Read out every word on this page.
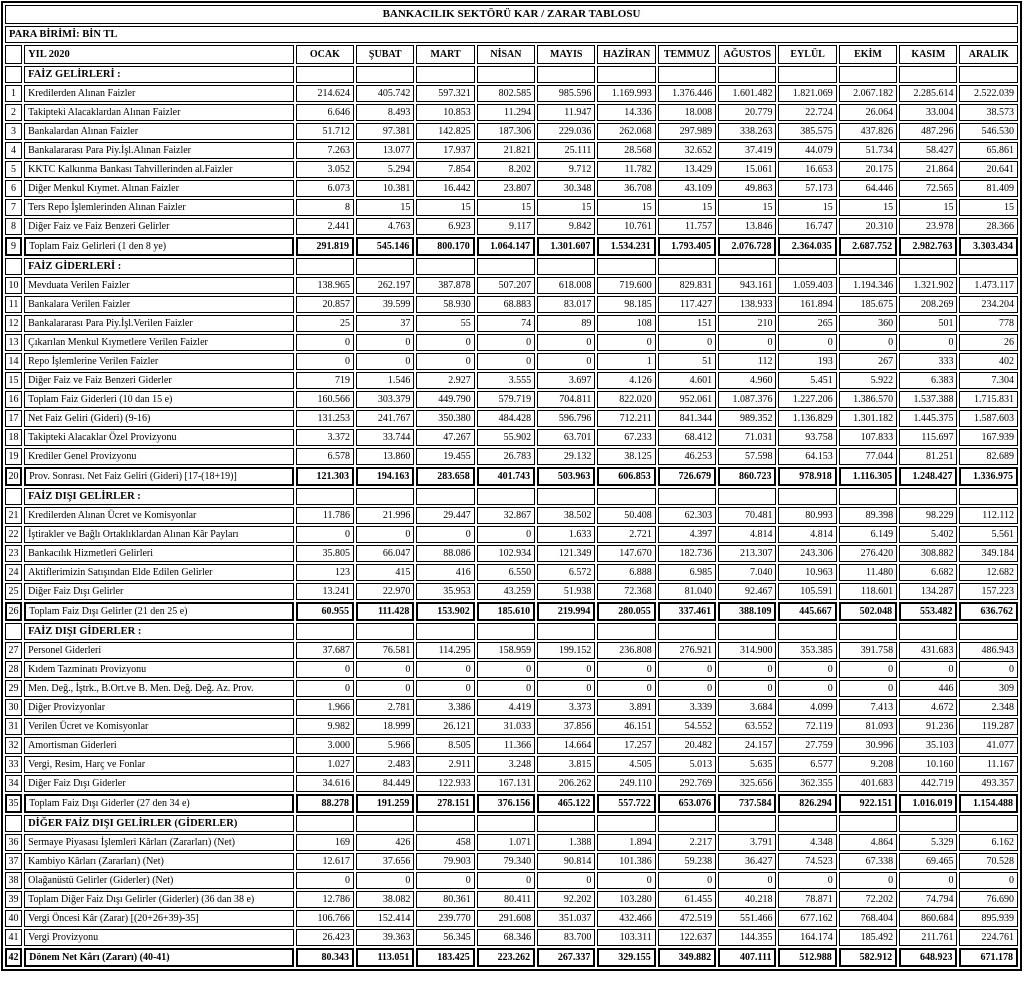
BANKACILIK SEKTÖRÜ KAR / ZARAR TABLOSU													
PARA BİRİMİ: BİN TL													
	YIL 2020	OCAK	ŞUBAT	MART	NİSAN	MAYIS	HAZİRAN	TEMMUZ	AĞUSTOS	EYLÜL	EKİM	KASIM	ARALIK
	FAİZ GELİRLERİ :												
1	Kredilerden Alınan Faizler	214.624	405.742	597.321	802.585	985.596	1.169.993	1.376.446	1.601.482	1.821.069	2.067.182	2.285.614	2.522.039
2	Takipteki Alacaklardan Alınan Faizler	6.646	8.493	10.853	11.294	11.947	14.336	18.008	20.779	22.724	26.064	33.004	38.573
3	Bankalardan Alınan Faizler	51.712	97.381	142.825	187.306	229.036	262.068	297.989	338.263	385.575	437.826	487.296	546.530
4	Bankalararası Para Piy.İşl.Alınan Faizler	7.263	13.077	17.937	21.821	25.111	28.568	32.652	37.419	44.079	51.734	58.427	65.861
5	KKTC Kalkınma Bankası Tahvillerinden al.Faizler	3.052	5.294	7.854	8.202	9.712	11.782	13.429	15.061	16.653	20.175	21.864	20.641
6	Diğer Menkul Kıymet. Alınan Faizler	6.073	10.381	16.442	23.807	30.348	36.708	43.109	49.863	57.173	64.446	72.565	81.409
7	Ters Repo İşlemlerinden Alınan Faizler	8	15	15	15	15	15	15	15	15	15	15	15
8	Diğer Faiz ve Faiz Benzeri Gelirler	2.441	4.763	6.923	9.117	9.842	10.761	11.757	13.846	16.747	20.310	23.978	28.366
9	Toplam Faiz Gelirleri (1 den 8 ye)	291.819	545.146	800.170	1.064.147	1.301.607	1.534.231	1.793.405	2.076.728	2.364.035	2.687.752	2.982.763	3.303.434
	FAİZ GİDERLERİ :												
10	Mevduata Verilen Faizler	138.965	262.197	387.878	507.207	618.008	719.600	829.831	943.161	1.059.403	1.194.346	1.321.902	1.473.117
11	Bankalara Verilen Faizler	20.857	39.599	58.930	68.883	83.017	98.185	117.427	138.933	161.894	185.675	208.269	234.204
12	Bankalararası Para Piy.İşl.Verilen Faizler	25	37	55	74	89	108	151	210	265	360	501	778
13	Çıkarılan Menkul Kıymetlere Verilen Faizler	0	0	0	0	0	0	0	0	0	0	0	26
14	Repo İşlemlerine Verilen Faizler	0	0	0	0	0	1	51	112	193	267	333	402
15	Diğer Faiz ve Faiz Benzeri Giderler	719	1.546	2.927	3.555	3.697	4.126	4.601	4.960	5.451	5.922	6.383	7.304
16	Toplam Faiz Giderleri (10 dan 15 e)	160.566	303.379	449.790	579.719	704.811	822.020	952.061	1.087.376	1.227.206	1.386.570	1.537.388	1.715.831
17	Net Faiz Geliri (Gideri) (9-16)	131.253	241.767	350.380	484.428	596.796	712.211	841.344	989.352	1.136.829	1.301.182	1.445.375	1.587.603
18	Takipteki Alacaklar Özel Provizyonu	3.372	33.744	47.267	55.902	63.701	67.233	68.412	71.031	93.758	107.833	115.697	167.939
19	Krediler Genel Provizyonu	6.578	13.860	19.455	26.783	29.132	38.125	46.253	57.598	64.153	77.044	81.251	82.689
20	Prov. Sonrası. Net Faiz Geliri (Gideri) [17-(18+19)]	121.303	194.163	283.658	401.743	503.963	606.853	726.679	860.723	978.918	1.116.305	1.248.427	1.336.975
	FAİZ DIŞI GELİRLER :												
21	Kredilerden Alınan Ücret ve Komisyonlar	11.786	21.996	29.447	32.867	38.502	50.408	62.303	70.481	80.993	89.398	98.229	112.112
22	İştirakler ve Bağlı Ortaklıklardan Alınan Kâr Payları	0	0	0	0	1.633	2.721	4.397	4.814	4.814	6.149	5.402	5.561
23	Bankacılık Hizmetleri Gelirleri	35.805	66.047	88.086	102.934	121.349	147.670	182.736	213.307	243.306	276.420	308.882	349.184
24	Aktiflerimizin Satışından Elde Edilen Gelirler	123	415	416	6.550	6.572	6.888	6.985	7.040	10.963	11.480	6.682	12.682
25	Diğer Faiz Dışı Gelirler	13.241	22.970	35.953	43.259	51.938	72.368	81.040	92.467	105.591	118.601	134.287	157.223
26	Toplam Faiz Dışı Gelirler (21 den 25 e)	60.955	111.428	153.902	185.610	219.994	280.055	337.461	388.109	445.667	502.048	553.482	636.762
	FAİZ DIŞI GİDERLER :												
27	Personel Giderleri	37.687	76.581	114.295	158.959	199.152	236.808	276.921	314.900	353.385	391.758	431.683	486.943
28	Kıdem Tazminatı Provizyonu	0	0	0	0	0	0	0	0	0	0	0	0
29	Men. Değ., İştrk., B.Ort.ve B. Men. Değ. Değ. Az. Prov.	0	0	0	0	0	0	0	0	0	0	446	309
30	Diğer Provizyonlar	1.966	2.781	3.386	4.419	3.373	3.891	3.339	3.684	4.099	7.413	4.672	2.348
31	Verilen Ücret ve Komisyonlar	9.982	18.999	26.121	31.033	37.856	46.151	54.552	63.552	72.119	81.093	91.236	119.287
32	Amortisman Giderleri	3.000	5.966	8.505	11.366	14.664	17.257	20.482	24.157	27.759	30.996	35.103	41.077
33	Vergi, Resim, Harç ve Fonlar	1.027	2.483	2.911	3.248	3.815	4.505	5.013	5.635	6.577	9.208	10.160	11.167
34	Diğer Faiz Dışı Giderler	34.616	84.449	122.933	167.131	206.262	249.110	292.769	325.656	362.355	401.683	442.719	493.357
35	Toplam Faiz Dışı Giderler (27 den 34 e)	88.278	191.259	278.151	376.156	465.122	557.722	653.076	737.584	826.294	922.151	1.016.019	1.154.488
	DİĞER FAİZ DIŞI GELİRLER (GİDERLER)												
36	Sermaye Piyasası İşlemleri Kârları (Zararları) (Net)	169	426	458	1.071	1.388	1.894	2.217	3.791	4.348	4.864	5.329	6.162
37	Kambiyo Kârları (Zararları) (Net)	12.617	37.656	79.903	79.340	90.814	101.386	59.238	36.427	74.523	67.338	69.465	70.528
38	Olağanüstü Gelirler (Giderler) (Net)	0	0	0	0	0	0	0	0	0	0	0	0
39	Toplam Diğer Faiz Dışı Gelirler (Giderler) (36 dan 38 e)	12.786	38.082	80.361	80.411	92.202	103.280	61.455	40.218	78.871	72.202	74.794	76.690
40	Vergi Öncesi Kâr (Zarar) [(20+26+39)-35]	106.766	152.414	239.770	291.608	351.037	432.466	472.519	551.466	677.162	768.404	860.684	895.939
41	Vergi Provizyonu	26.423	39.363	56.345	68.346	83.700	103.311	122.637	144.355	164.174	185.492	211.761	224.761
42	Dönem Net Kârı (Zararı) (40-41)	80.343	113.051	183.425	223.262	267.337	329.155	349.882	407.111	512.988	582.912	648.923	671.178
